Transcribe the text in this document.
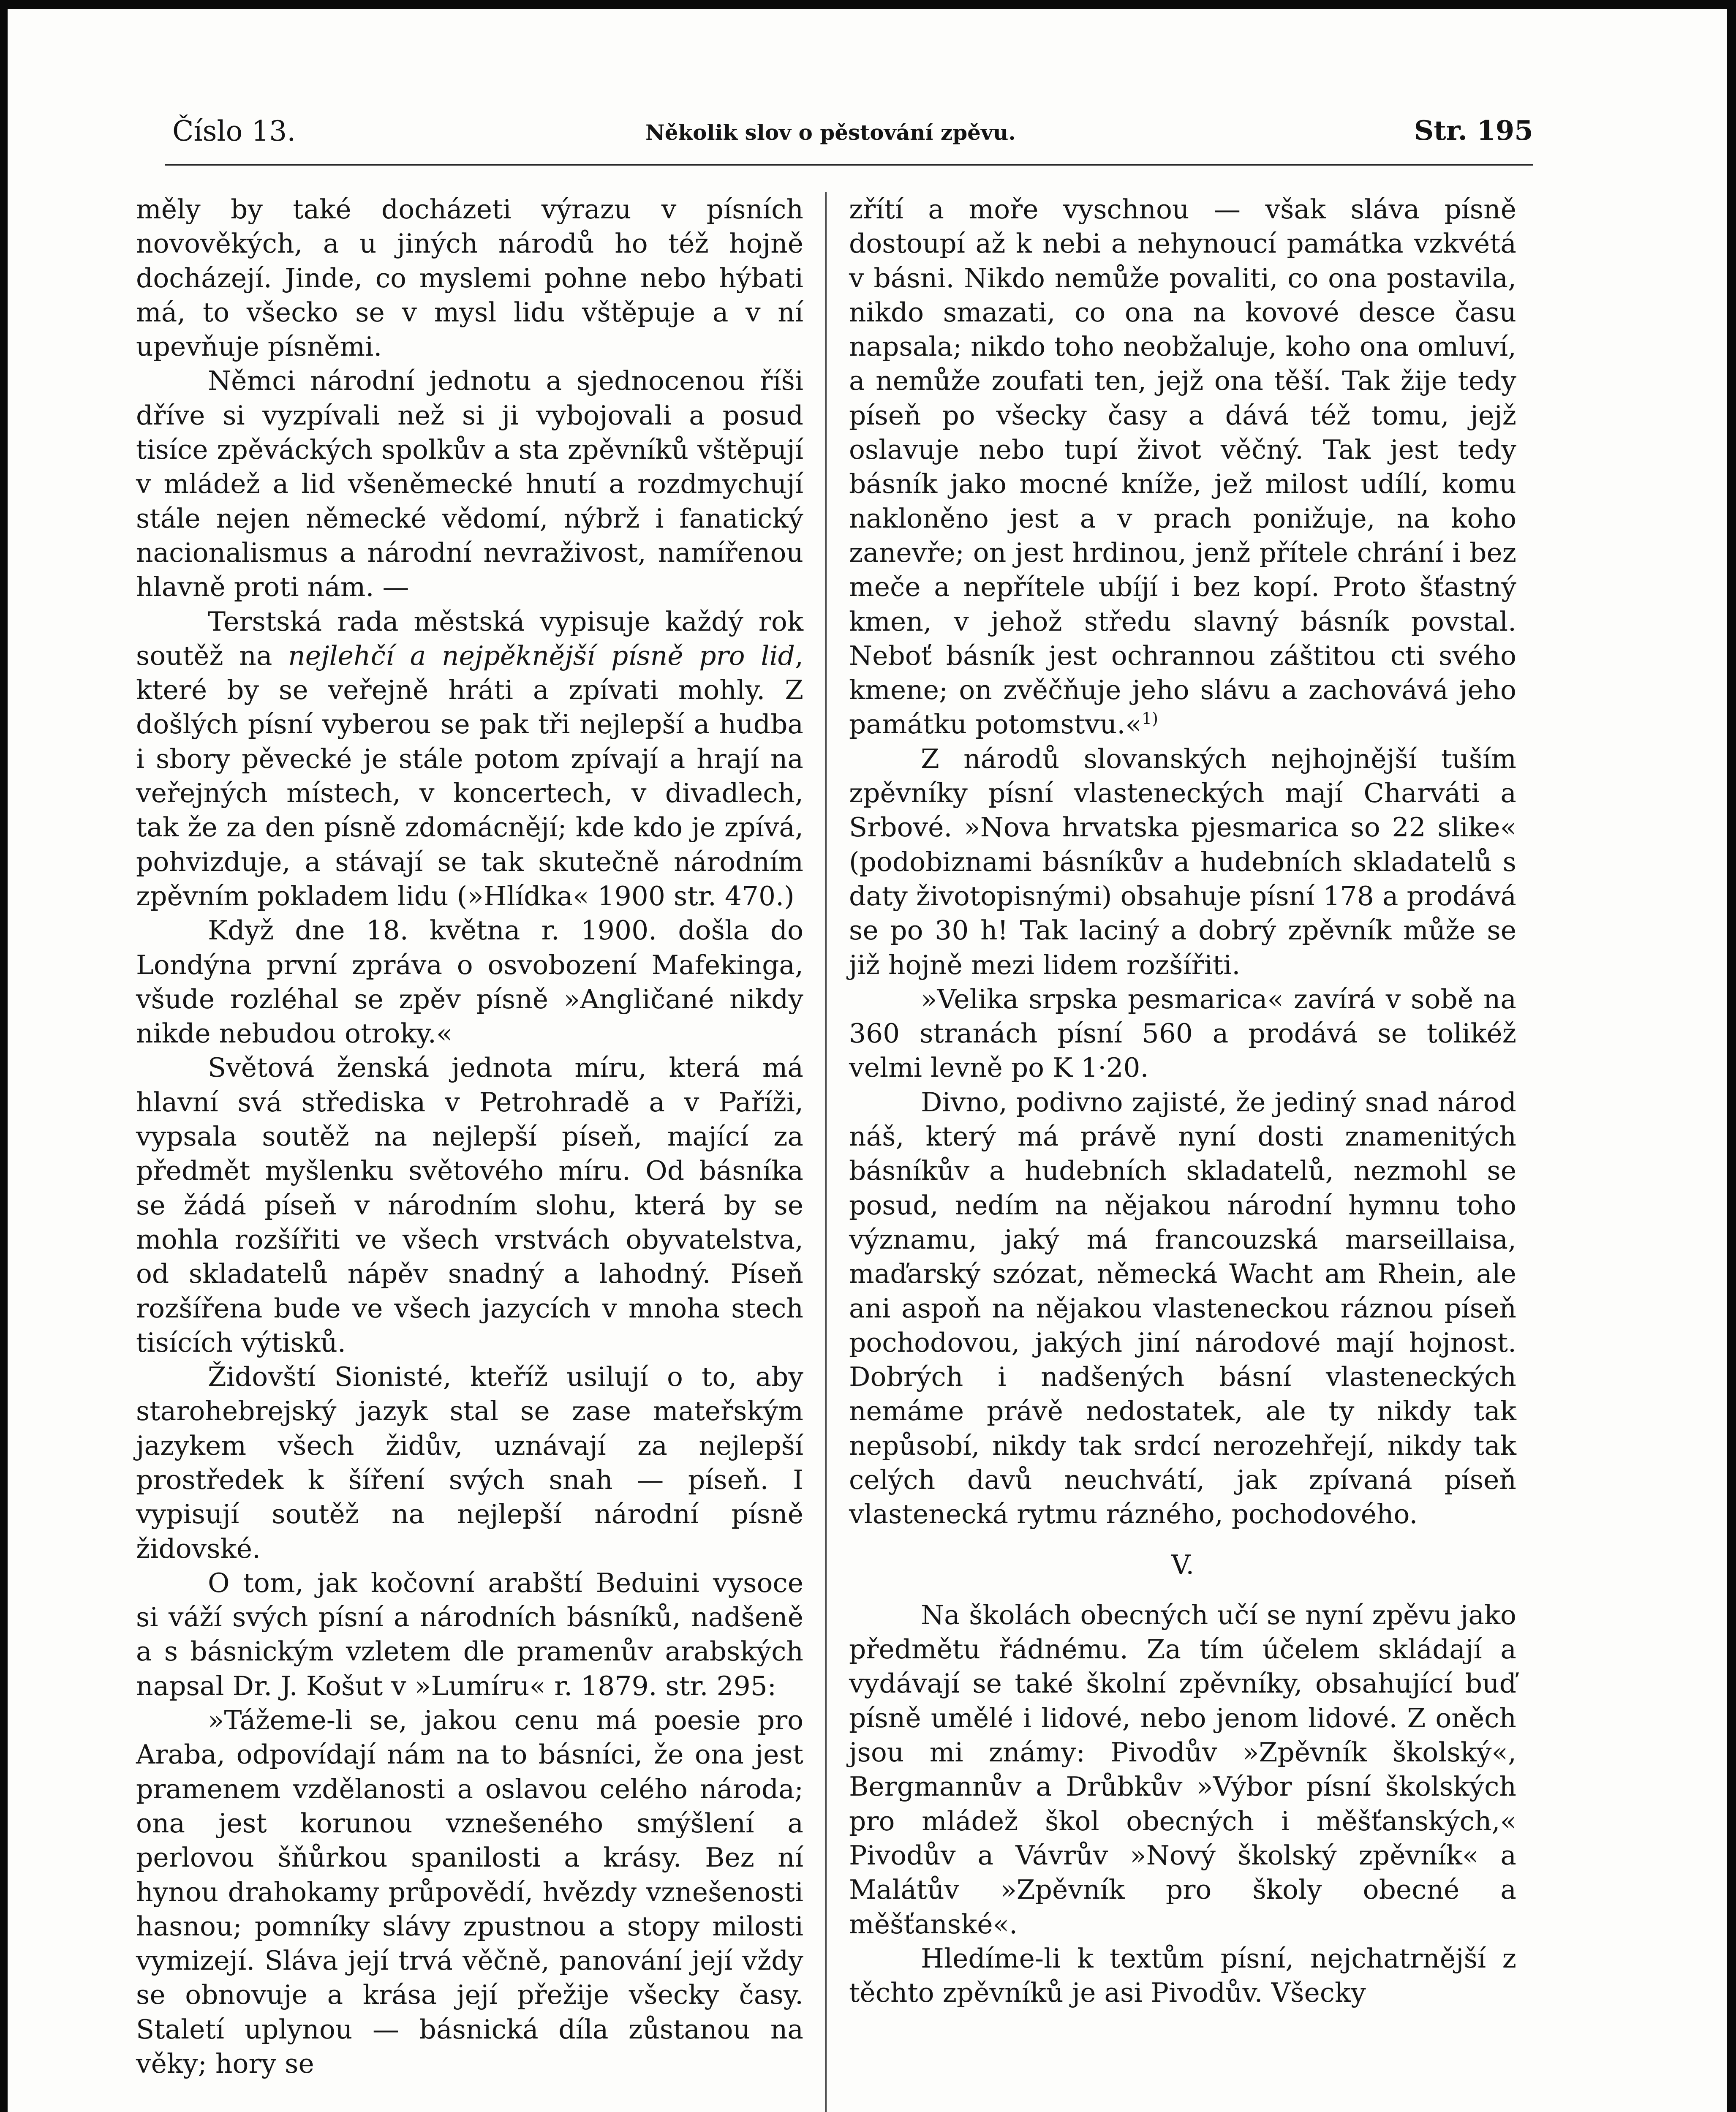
Číslo 13.	Několik slov o pěstování zpěvu.	Str. 195

měly by také docházeti výrazu v písních novověkých, a u jiných národů ho též hojně docházejí. Jinde, co myslemi pohne nebo hýbati má, to všecko se v mysl lidu vštěpuje a v ní upevňuje písněmi.

Němci národní jednotu a sjednocenou říši dříve si vyzpívali než si ji vybojovali a posud tisíce zpěváckých spolkův a sta zpěvníků vštěpují v mládež a lid všeněmecké hnutí a rozdmychují stále nejen německé vědomí, nýbrž i fanatický nacionalismus a národní nevraživost, namířenou hlavně proti nám. —

Terstská rada městská vypisuje každý rok soutěž na nejlehčí a nejpěknější písně pro lid, které by se veřejně hráti a zpívati mohly. Z došlých písní vyberou se pak tři nejlepší a hudba i sbory pěvecké je stále potom zpívají a hrají na veřejných místech, v koncertech, v divadlech, tak že za den písně zdomácnějí; kde kdo je zpívá, pohvizduje, a stávají se tak skutečně národním zpěvním pokladem lidu (»Hlídka« 1900 str. 470.)

Když dne 18. května r. 1900. došla do Londýna první zpráva o osvobození Mafekinga, všude rozléhal se zpěv písně »Angličané nikdy nikde nebudou otroky.«

Světová ženská jednota míru, která má hlavní svá střediska v Petrohradě a v Paříži, vypsala soutěž na nejlepší píseň, mající za předmět myšlenku světového míru. Od básníka se žádá píseň v národním slohu, která by se mohla rozšířiti ve všech vrstvách obyvatelstva, od skladatelů nápěv snadný a lahodný. Píseň rozšířena bude ve všech jazycích v mnoha stech tisících výtisků.

Židovští Sionisté, kteříž usilují o to, aby starohebrejský jazyk stal se zase mateřským jazykem všech židův, uznávají za nejlepší prostředek k šíření svých snah — píseň. I vypisují soutěž na nejlepší národní písně židovské.

O tom, jak kočovní arabští Beduini vysoce si váží svých písní a národních básníků, nadšeně a s básnickým vzletem dle pramenův arabských napsal Dr. J. Košut v »Lumíru« r. 1879. str. 295:

»Tážeme-li se, jakou cenu má poesie pro Araba, odpovídají nám na to básníci, že ona jest pramenem vzdělanosti a oslavou celého národa; ona jest korunou vznešeného smýšlení a perlovou šňůrkou spanilosti a krásy. Bez ní hynou drahokamy průpovědí, hvězdy vznešenosti hasnou; pomníky slávy zpustnou a stopy milosti vymizejí. Sláva její trvá věčně, panování její vždy se obnovuje a krása její přežije všecky časy. Staletí uplynou — básnická díla zůstanou na věky; hory se

zřítí a moře vyschnou — však sláva písně dostoupí až k nebi a nehynoucí památka vzkvétá v básni. Nikdo nemůže povaliti, co ona postavila, nikdo smazati, co ona na kovové desce času napsala; nikdo toho neobžaluje, koho ona omluví, a nemůže zoufati ten, jejž ona těší. Tak žije tedy píseň po všecky časy a dává též tomu, jejž oslavuje nebo tupí život věčný. Tak jest tedy básník jako mocné kníže, jež milost udílí, komu nakloněno jest a v prach ponižuje, na koho zanevře; on jest hrdinou, jenž přítele chrání i bez meče a nepřítele ubíjí i bez kopí. Proto šťastný kmen, v jehož středu slavný básník povstal. Neboť básník jest ochrannou záštitou cti svého kmene; on zvěčňuje jeho slávu a zachovává jeho památku potomstvu.«$^{1)}$

Z národů slovanských nejhojnější tuším zpěvníky písní vlasteneckých mají Charváti a Srbové. »Nova hrvatska pjesmarica so 22 slike« (podobiznami básníkův a hudebních skladatelů s daty životopisnými) obsahuje písní 178 a prodává se po 30 h! Tak laciný a dobrý zpěvník může se již hojně mezi lidem rozšířiti.

»Velika srpska pesmarica« zavírá v sobě na 360 stranách písní 560 a prodává se tolikéž velmi levně po K 1·20.

Divno, podivno zajisté, že jediný snad národ náš, který má právě nyní dosti znamenitých básníkův a hudebních skladatelů, nezmohl se posud, nedím na nějakou národní hymnu toho významu, jaký má francouzská marseillaisa, maďarský szózat, německá Wacht am Rhein, ale ani aspoň na nějakou vlasteneckou ráznou píseň pochodovou, jakých jiní národové mají hojnost. Dobrých i nadšených básní vlasteneckých nemáme právě nedostatek, ale ty nikdy tak nepůsobí, nikdy tak srdcí nerozehřejí, nikdy tak celých davů neuchvátí, jak zpívaná píseň vlastenecká rytmu rázného, pochodového.

V.

Na školách obecných učí se nyní zpěvu jako předmětu řádnému. Za tím účelem skládají a vydávají se také školní zpěvníky, obsahující buď písně umělé i lidové, nebo jenom lidové. Z oněch jsou mi známy: Pivodův »Zpěvník školský«, Bergmannův a Drůbkův »Výbor písní školských pro mládež škol obecných i měšťanských,« Pivodův a Vávrův »Nový školský zpěvník« a Malátův »Zpěvník pro školy obecné a měšťanské«.

Hledíme-li k textům písní, nejchatrnější z těchto zpěvníků je asi Pivodův. Všecky
